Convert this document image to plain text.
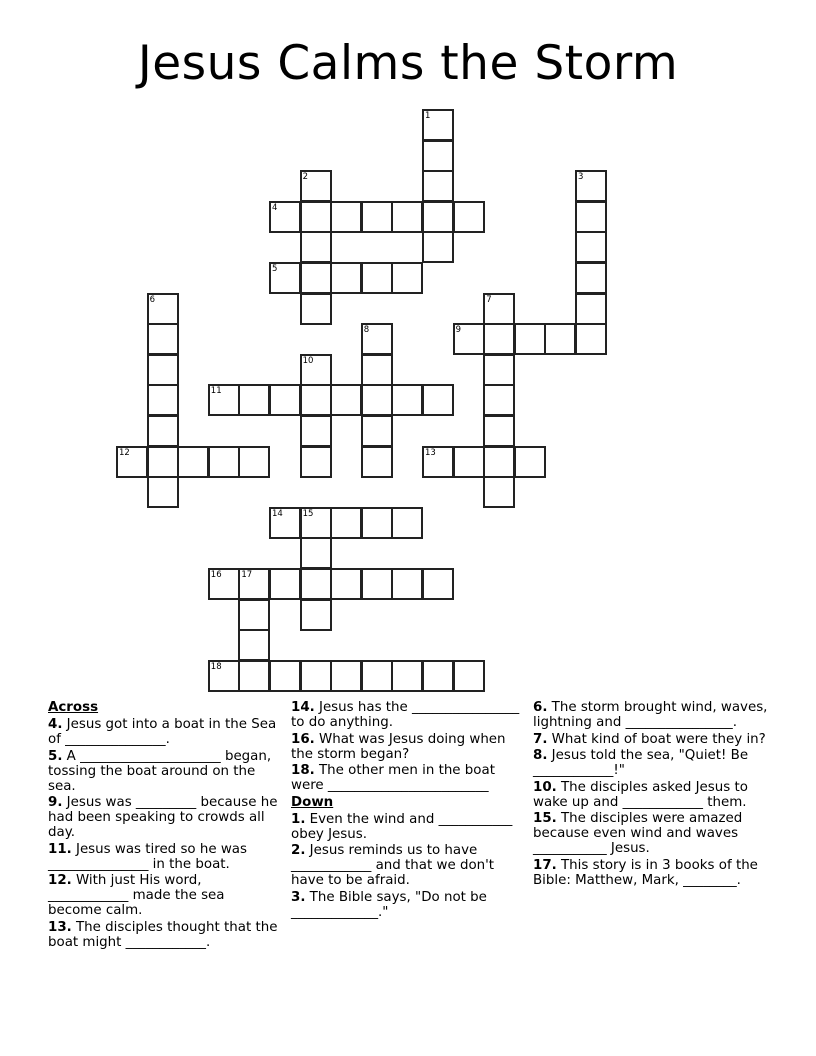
Jesus Calms the Storm
1
2	3
4
5
6	7
8	9
10
11
12	13
14 15
16 17
18
Across
4. Jesus got into a boat in the Sea of _______________.
5. A _____________________ began, tossing the boat around on the sea.
9. Jesus was _________ because he had been speaking to crowds all day.
11. Jesus was tired so he was _______________ in the boat.
12. With just His word, ____________ made the sea become calm.
13. The disciples thought that the boat might ____________.
14. Jesus has the ________________ to do anything.
16. What was Jesus doing when the storm began?
18. The other men in the boat were ________________________
Down
1. Even the wind and ___________ obey Jesus.
2. Jesus reminds us to have ____________ and that we don't have to be afraid.
3. The Bible says, "Do not be _____________."
6. The storm brought wind, waves, lightning and ________________.
7. What kind of boat were they in?
8. Jesus told the sea, "Quiet! Be ____________!"
10. The disciples asked Jesus to wake up and ____________ them.
15. The disciples were amazed because even wind and waves ___________ Jesus.
17. This story is in 3 books of the Bible: Matthew, Mark, ________.
